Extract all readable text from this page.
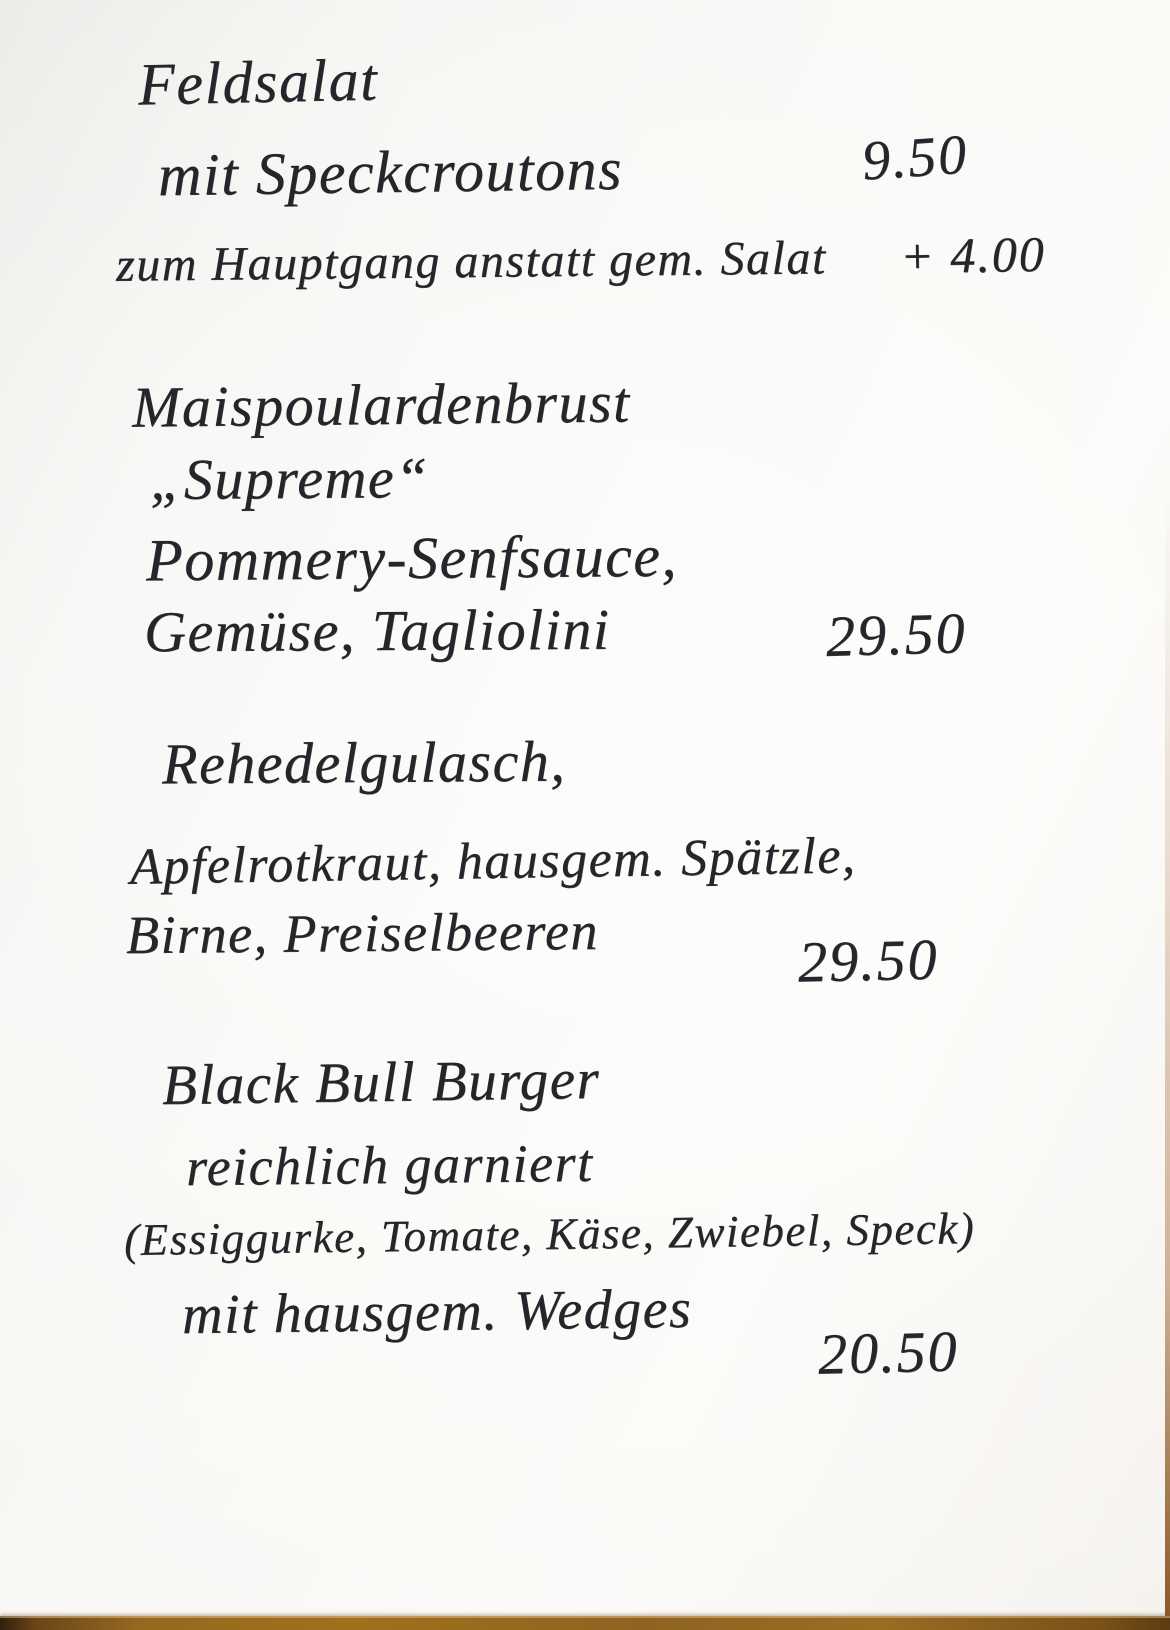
Feldsalat
mit Speckcroutons	9.50
zum Hauptgang anstatt gem. Salat + 4.00
Maispoulardenbrust
„Supreme“
Pommery-Senfsauce,
Gemüse, Tagliolini	29.50
Rehedelgulasch,
Apfelrotkraut, hausgem. Spätzle,
Birne, Preiselbeeren	29.50
Black Bull Burger
reichlich garniert
(Essiggurke, Tomate, Käse, Zwiebel, Speck)
mit hausgem. Wedges
20.50
